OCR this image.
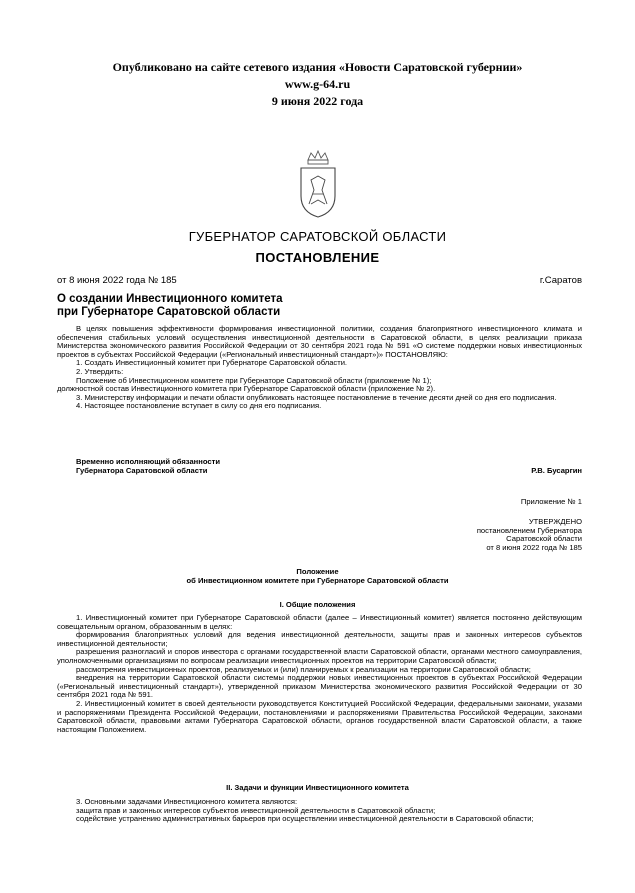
Опубликовано на сайте сетевого издания «Новости Саратовской губернии»
www.g-64.ru
9 июня 2022 года
ГУБЕРНАТОР САРАТОВСКОЙ ОБЛАСТИ
ПОСТАНОВЛЕНИЕ
от 8 июня 2022 года № 185	г.Саратов
О создании Инвестиционного комитета
при Губернаторе Саратовской области

В целях повышения эффективности формирования инвестиционной политики, создания благоприятного инвестиционного климата и обеспечения стабильных условий осуществления инвестиционной деятельности в Саратовской области, в целях реализации приказа Министерства экономического развития Российской Федерации от 30 сентября 2021 года № 591 «О системе поддержки новых инвестиционных проектов в субъектах Российской Федерации («Региональный инвестиционный стандарт»)» ПОСТАНОВЛЯЮ:

1. Создать Инвестиционный комитет при Губернаторе Саратовской области.

2. Утвердить:

Положение об Инвестиционном комитете при Губернаторе Саратовской области (приложение № 1);

должностной состав Инвестиционного комитета при Губернаторе Саратовской области (приложение № 2).

3. Министерству информации и печати области опубликовать настоящее постановление в течение десяти дней со дня его подписания.

4. Настоящее постановление вступает в силу со дня его подписания.

Временно исполняющий обязанности
Губернатора Саратовской области	Р.В. Бусаргин
Приложение № 1
УТВЕРЖДЕНО
постановлением Губернатора
Саратовской области
от 8 июня 2022 года № 185
Положение
об Инвестиционном комитете при Губернаторе Саратовской области
I. Общие положения

1. Инвестиционный комитет при Губернаторе Саратовской области (далее – Инвестиционный комитет) является постоянно действующим совещательным органом, образованным в целях:

формирования благоприятных условий для ведения инвестиционной деятельности, защиты прав и законных интересов субъектов инвестиционной деятельности;

разрешения разногласий и споров инвестора с органами государственной власти Саратовской области, органами местного самоуправления, уполномоченными организациями по вопросам реализации инвестиционных проектов на территории Саратовской области;

рассмотрения инвестиционных проектов, реализуемых и (или) планируемых к реализации на территории Саратовской области;

внедрения на территории Саратовской области системы поддержки новых инвестиционных проектов в субъектах Российской Федерации («Региональный инвестиционный стандарт»), утвержденной приказом Министерства экономического развития Российской Федерации от 30 сентября 2021 года № 591.

2. Инвестиционный комитет в своей деятельности руководствуется Конституцией Российской Федерации, федеральными законами, указами и распоряжениями Президента Российской Федерации, постановлениями и распоряжениями Правительства Российской Федерации, законами Саратовской области, правовыми актами Губернатора Саратовской области, органов государственной власти Саратовской области, а также настоящим Положением.

II. Задачи и функции Инвестиционного комитета

3. Основными задачами Инвестиционного комитета являются:

защита прав и законных интересов субъектов инвестиционной деятельности в Саратовской области;

содействие устранению административных барьеров при осуществлении инвестиционной деятельности в Саратовской области;
